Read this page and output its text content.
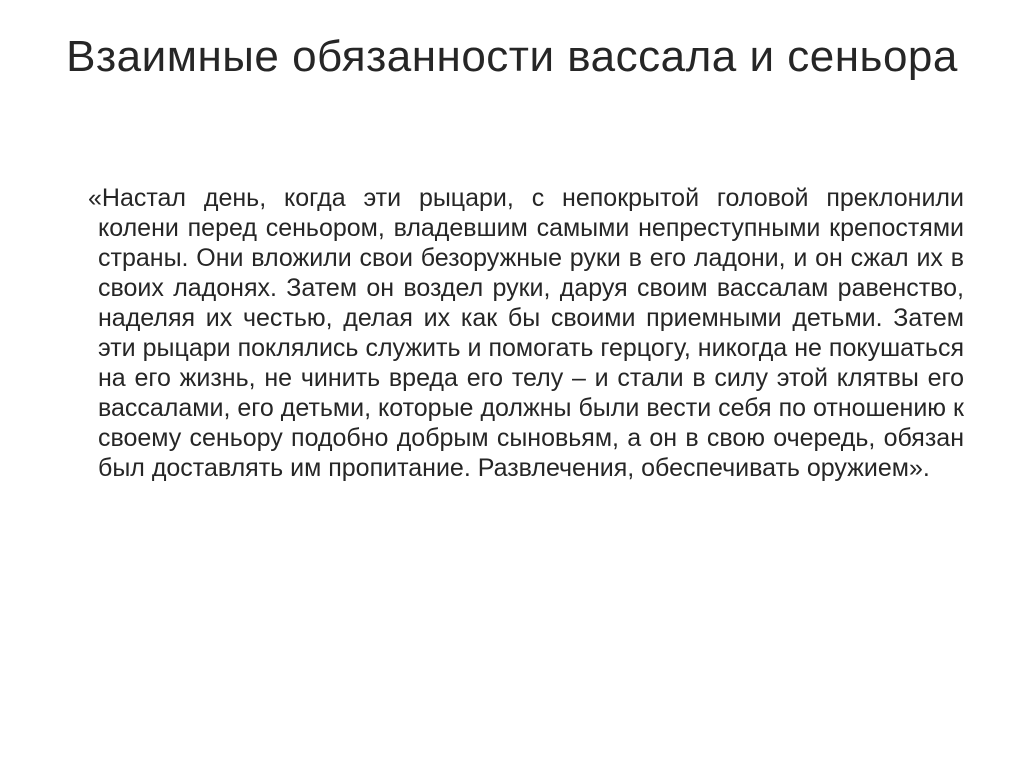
Взаимные обязанности вассала и сеньора

«Настал день, когда эти рыцари, с непокрытой головой преклонили колени перед сеньором, владевшим самыми непреступными крепостями страны. Они вложили свои безоружные руки в его ладони, и он сжал их в своих ладонях. Затем он воздел руки, даруя своим вассалам равенство, наделяя их честью, делая их как бы своими приемными детьми. Затем эти рыцари поклялись служить и помогать герцогу, никогда не покушаться на его жизнь, не чинить вреда его телу – и стали в силу этой клятвы его вассалами, его детьми, которые должны были вести себя по отношению к своему сеньору подобно добрым сыновьям, а он в свою очередь, обязан был доставлять им пропитание. Развлечения, обеспечивать оружием».
